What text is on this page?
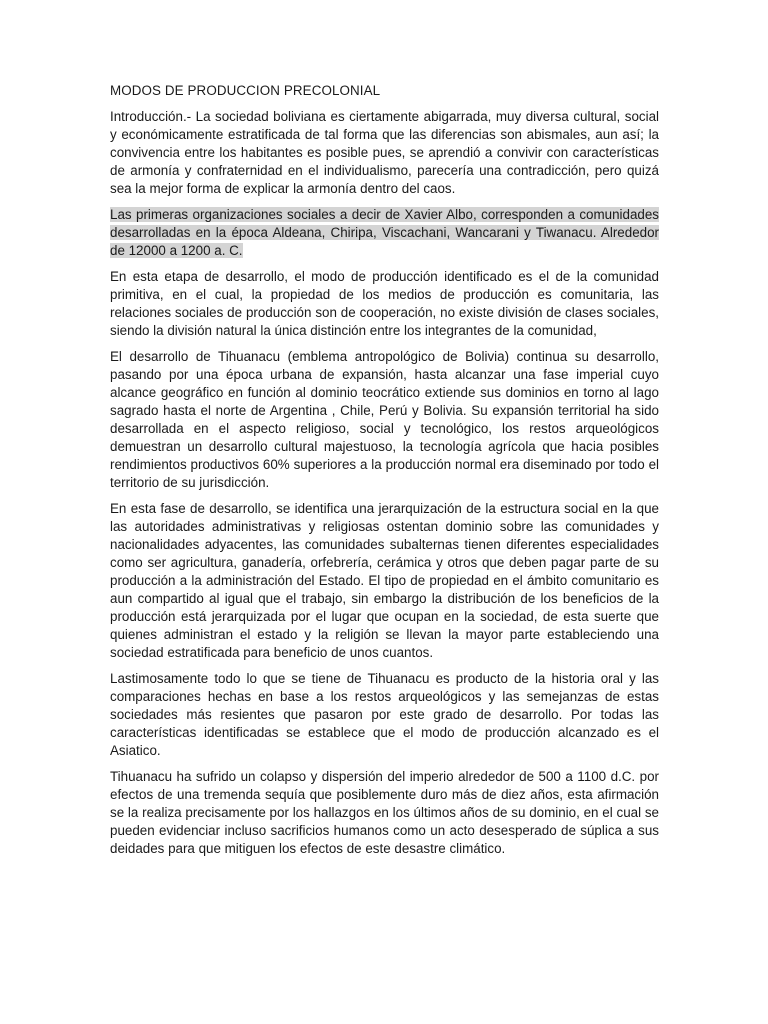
MODOS DE PRODUCCION PRECOLONIAL

Introducción.- La sociedad boliviana es ciertamente abigarrada, muy diversa cultural, social y económicamente estratificada de tal forma que las diferencias son abismales, aun así; la convivencia entre los habitantes es posible pues, se aprendió a convivir con características de armonía y confraternidad en el individualismo, parecería una contradicción, pero quizá sea la mejor forma de explicar la armonía dentro del caos.

Las primeras organizaciones sociales a decir de Xavier Albo, corresponden a comunidades desarrolladas en la época Aldeana, Chiripa, Viscachani, Wancarani y Tiwanacu. Alrededor de 12000 a 1200 a. C.

En esta etapa de desarrollo, el modo de producción identificado es el de la comunidad primitiva, en el cual, la propiedad de los medios de producción es comunitaria, las relaciones sociales de producción son de cooperación, no existe división de clases sociales, siendo la división natural la única distinción entre los integrantes de la comunidad,

El desarrollo de Tihuanacu (emblema antropológico de Bolivia) continua su desarrollo, pasando por una época urbana de expansión, hasta alcanzar una fase imperial cuyo alcance geográfico en función al dominio teocrático extiende sus dominios en torno al lago sagrado hasta el norte de Argentina , Chile, Perú y Bolivia. Su expansión territorial ha sido desarrollada en el aspecto religioso, social y tecnológico, los restos arqueológicos demuestran un desarrollo cultural majestuoso, la tecnología agrícola que hacia posibles rendimientos productivos 60% superiores a la producción normal era diseminado por todo el territorio de su jurisdicción.

En esta fase de desarrollo, se identifica una jerarquización de la estructura social en la que las autoridades administrativas y religiosas ostentan dominio sobre las comunidades y nacionalidades adyacentes, las comunidades subalternas tienen diferentes especialidades como ser agricultura, ganadería, orfebrería, cerámica y otros que deben pagar parte de su producción a la administración del Estado. El tipo de propiedad en el ámbito comunitario es aun compartido al igual que el trabajo, sin embargo la distribución de los beneficios de la producción está jerarquizada por el lugar que ocupan en la sociedad, de esta suerte que quienes administran el estado y la religión se llevan la mayor parte estableciendo una sociedad estratificada para beneficio de unos cuantos.

Lastimosamente todo lo que se tiene de Tihuanacu es producto de la historia oral y las comparaciones hechas en base a los restos arqueológicos y las semejanzas de estas sociedades más resientes que pasaron por este grado de desarrollo. Por todas las características identificadas se establece que el modo de producción alcanzado es el Asiatico.

Tihuanacu ha sufrido un colapso y dispersión del imperio alrededor de 500 a 1100 d.C. por efectos de una tremenda sequía que posiblemente duro más de diez años, esta afirmación se la realiza precisamente por los hallazgos en los últimos años de su dominio, en el cual se pueden evidenciar incluso sacrificios humanos como un acto desesperado de súplica a sus deidades para que mitiguen los efectos de este desastre climático.
